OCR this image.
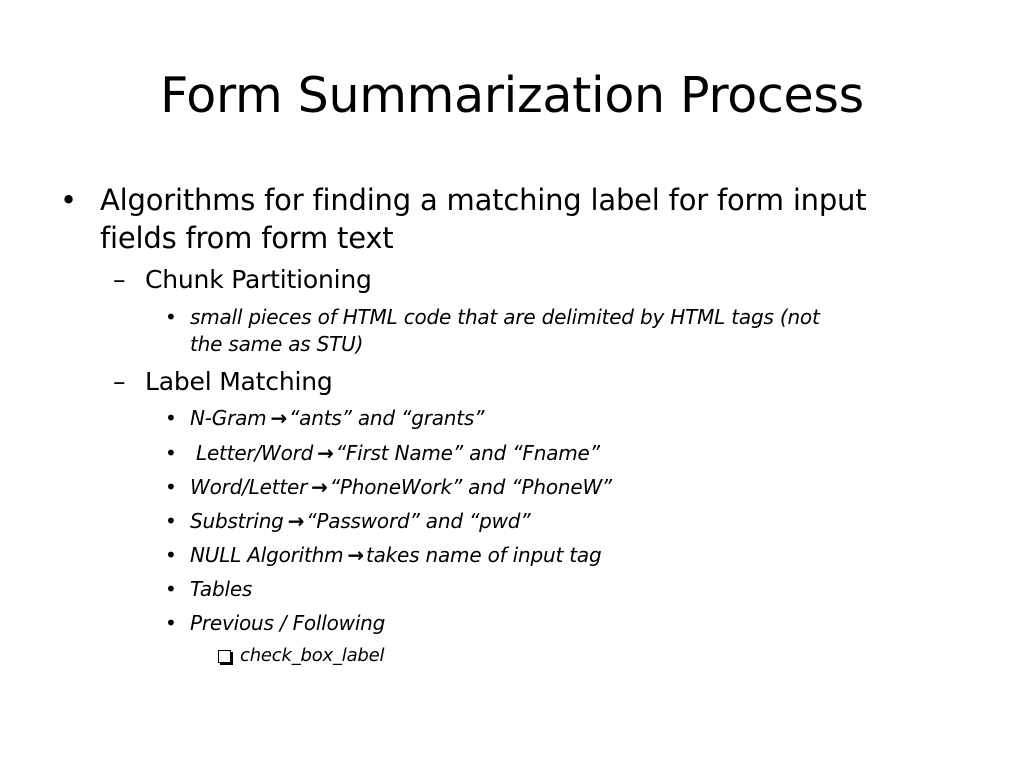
Form Summarization Process
• Algorithms for finding a matching label for form input
fields from form text
– Chunk Partitioning
• small pieces of HTML code that are delimited by HTML tags (not
the same as STU)
– Label Matching
• N-Gram → “ants” and “grants”
• Letter/Word → “First Name” and “Fname”
• Word/Letter → “PhoneWork” and “PhoneW”
• Substring → “Password” and “pwd”
• NULL Algorithm → takes name of input tag
• Tables
• Previous / Following
check_box_label
